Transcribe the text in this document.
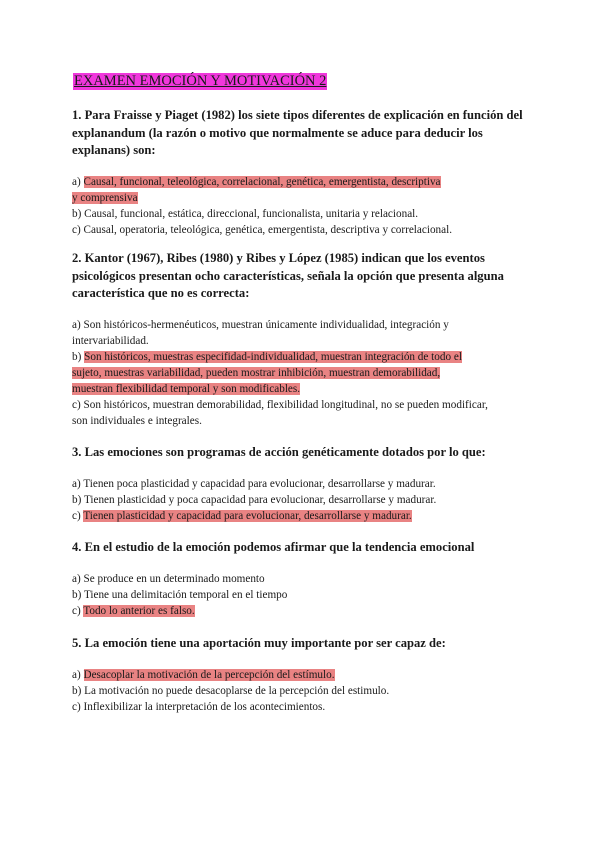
EXAMEN EMOCIÓN Y MOTIVACIÓN 2

1. Para Fraisse y Piaget (1982) los siete tipos diferentes de explicación en función del explanandum (la razón o motivo que normalmente se aduce para deducir los explanans) son:

a) Causal, funcional, teleológica, correlacional, genética, emergentista, descriptiva
y comprensiva
b) Causal, funcional, estática, direccional, funcionalista, unitaria y relacional.
c) Causal, operatoria, teleológica, genética, emergentista, descriptiva y correlacional.

2. Kantor (1967), Ribes (1980) y Ribes y López (1985) indican que los eventos psicológicos presentan ocho características, señala la opción que presenta alguna característica que no es correcta:

a) Son históricos-hermenéuticos, muestran únicamente individualidad, integración y
intervariabilidad.
b) Son históricos, muestras especifidad-individualidad, muestran integración de todo el
sujeto, muestras variabilidad, pueden mostrar inhibición, muestran demorabilidad,
muestran flexibilidad temporal y son modificables.
c) Son históricos, muestran demorabilidad, flexibilidad longitudinal, no se pueden modificar,
son individuales e integrales.

3. Las emociones son programas de acción genéticamente dotados por lo que:

a) Tienen poca plasticidad y capacidad para evolucionar, desarrollarse y madurar.
b) Tienen plasticidad y poca capacidad para evolucionar, desarrollarse y madurar.
c) Tienen plasticidad y capacidad para evolucionar, desarrollarse y madurar.

4. En el estudio de la emoción podemos afirmar que la tendencia emocional

a) Se produce en un determinado momento
b) Tiene una delimitación temporal en el tiempo
c) Todo lo anterior es falso.

5. La emoción tiene una aportación muy importante por ser capaz de:

a) Desacoplar la motivación de la percepción del estímulo.
b) La motivación no puede desacoplarse de la percepción del estimulo.
c) Inflexibilizar la interpretación de los acontecimientos.
